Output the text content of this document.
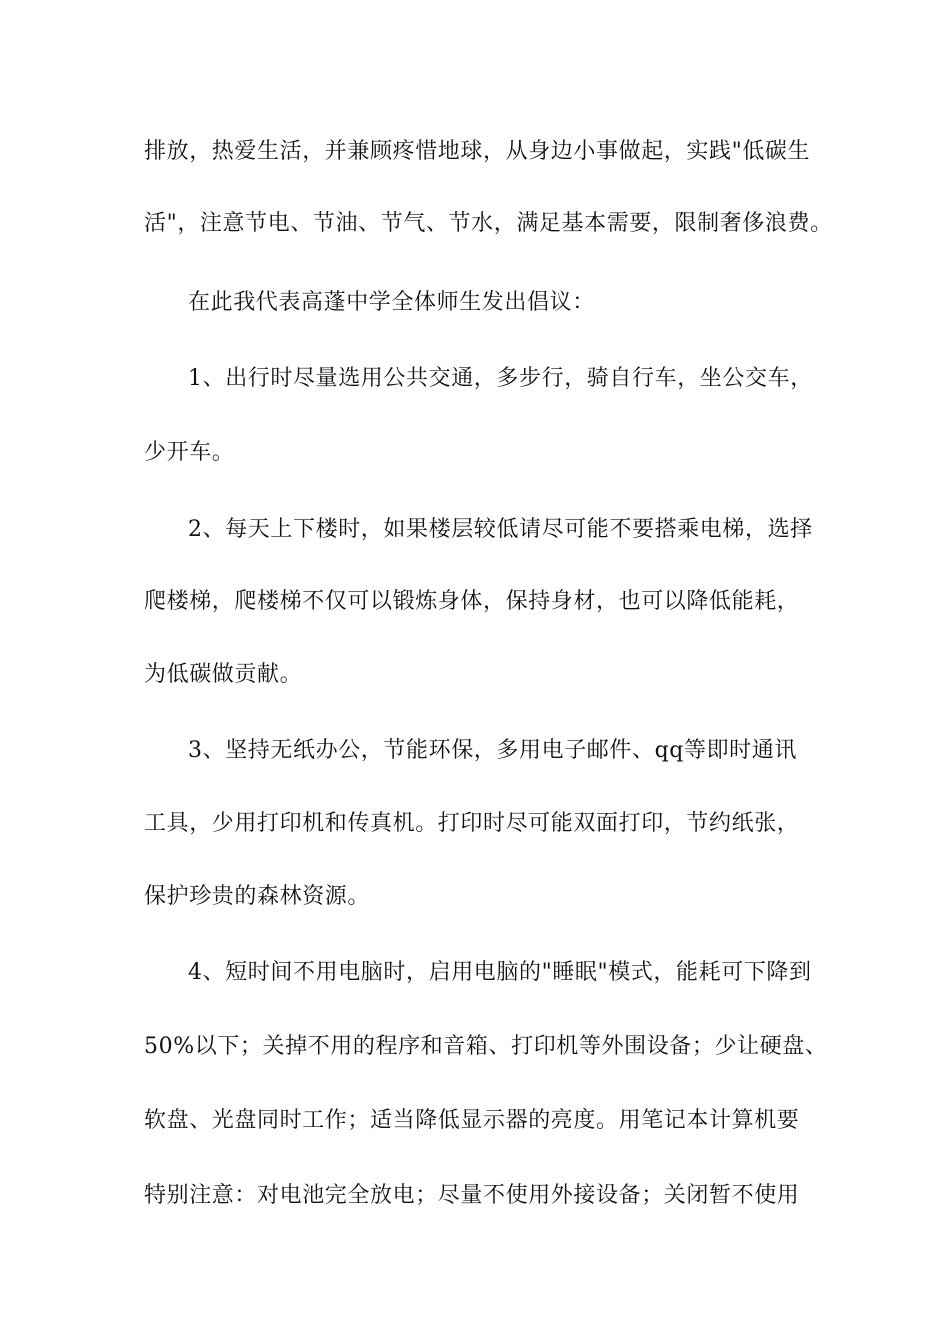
排放，热爱生活，并兼顾疼惜地球，从身边小事做起，实践"低碳生
活"，注意节电、节油、节气、节水，满足基本需要，限制奢侈浪费。
在此我代表高蓬中学全体师生发出倡议：
1、出行时尽量选用公共交通，多步行，骑自行车，坐公交车，
少开车。
2、每天上下楼时，如果楼层较低请尽可能不要搭乘电梯，选择
爬楼梯，爬楼梯不仅可以锻炼身体，保持身材，也可以降低能耗，
为低碳做贡献。
3、坚持无纸办公，节能环保，多用电子邮件、qq等即时通讯
工具，少用打印机和传真机。打印时尽可能双面打印，节约纸张，
保护珍贵的森林资源。
4、短时间不用电脑时，启用电脑的"睡眠"模式，能耗可下降到
50%以下；关掉不用的程序和音箱、打印机等外围设备；少让硬盘、
软盘、光盘同时工作；适当降低显示器的亮度。用笔记本计算机要
特别注意：对电池完全放电；尽量不使用外接设备；关闭暂不使用
